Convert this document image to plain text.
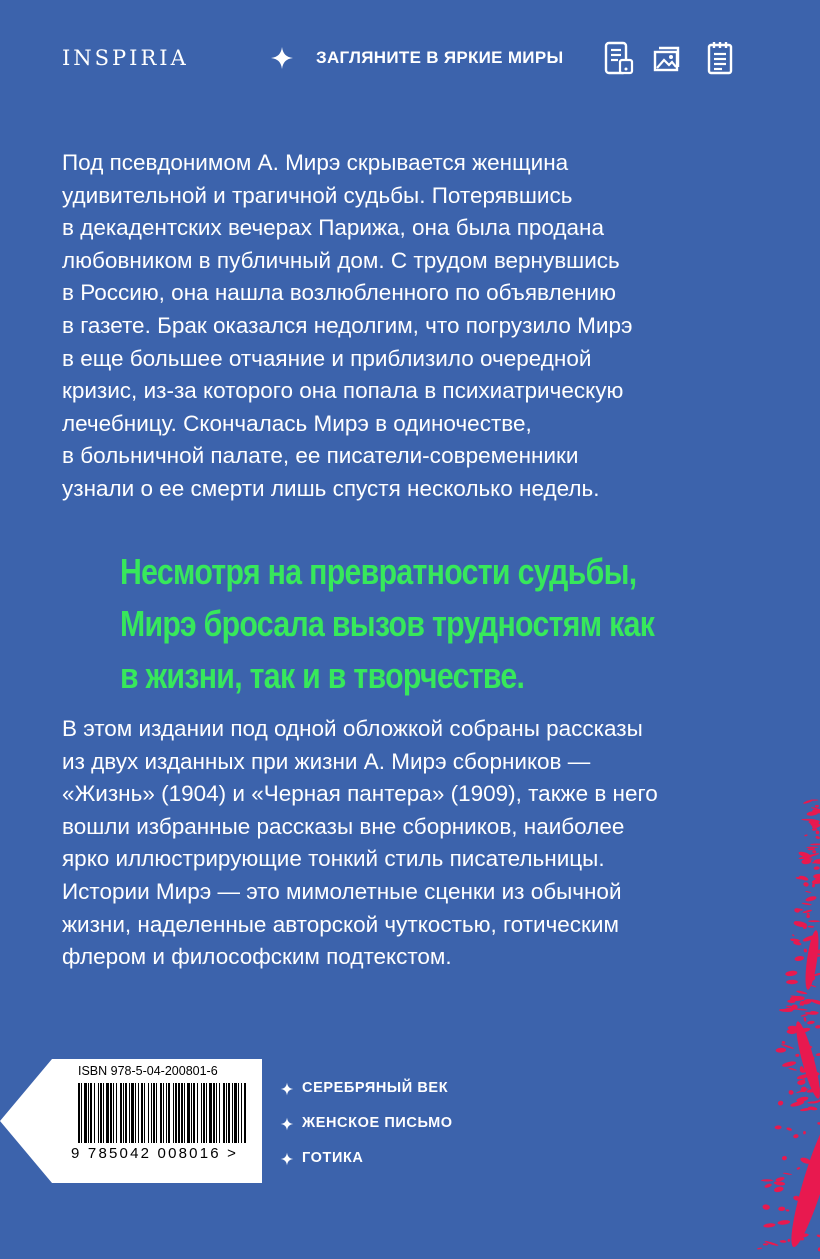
INSPIRIA	ЗАГЛЯНИТЕ В ЯРКИЕ МИРЫ

Под псевдонимом А. Мирэ скрывается женщина

удивительной и трагичной судьбы. Потерявшись

в декадентских вечерах Парижа, она была продана

любовником в публичный дом. С трудом вернувшись

в Россию, она нашла возлюбленного по объявлению

в газете. Брак оказался недолгим, что погрузило Мирэ

в еще большее отчаяние и приблизило очередной

кризис, из-за которого она попала в психиатрическую

лечебницу. Скончалась Мирэ в одиночестве,

в больничной палате, ее писатели-современники

узнали о ее смерти лишь спустя несколько недель.

Несмотря на превратности судьбы,

Мирэ бросала вызов трудностям как

в жизни, так и в творчестве.

В этом издании под одной обложкой собраны рассказы

из двух изданных при жизни А. Мирэ сборников —

«Жизнь» (1904) и «Черная пантера» (1909), также в него

вошли избранные рассказы вне сборников, наиболее

ярко иллюстрирующие тонкий стиль писательницы.

Истории Мирэ — это мимолетные сценки из обычной

жизни, наделенные авторской чуткостью, готическим

флером и философским подтекстом.

ISBN 978-5-04-200801-6
9 785042 008016 >
СЕРЕБРЯНЫЙ ВЕК
ЖЕНСКОЕ ПИСЬМО
ГОТИКА
